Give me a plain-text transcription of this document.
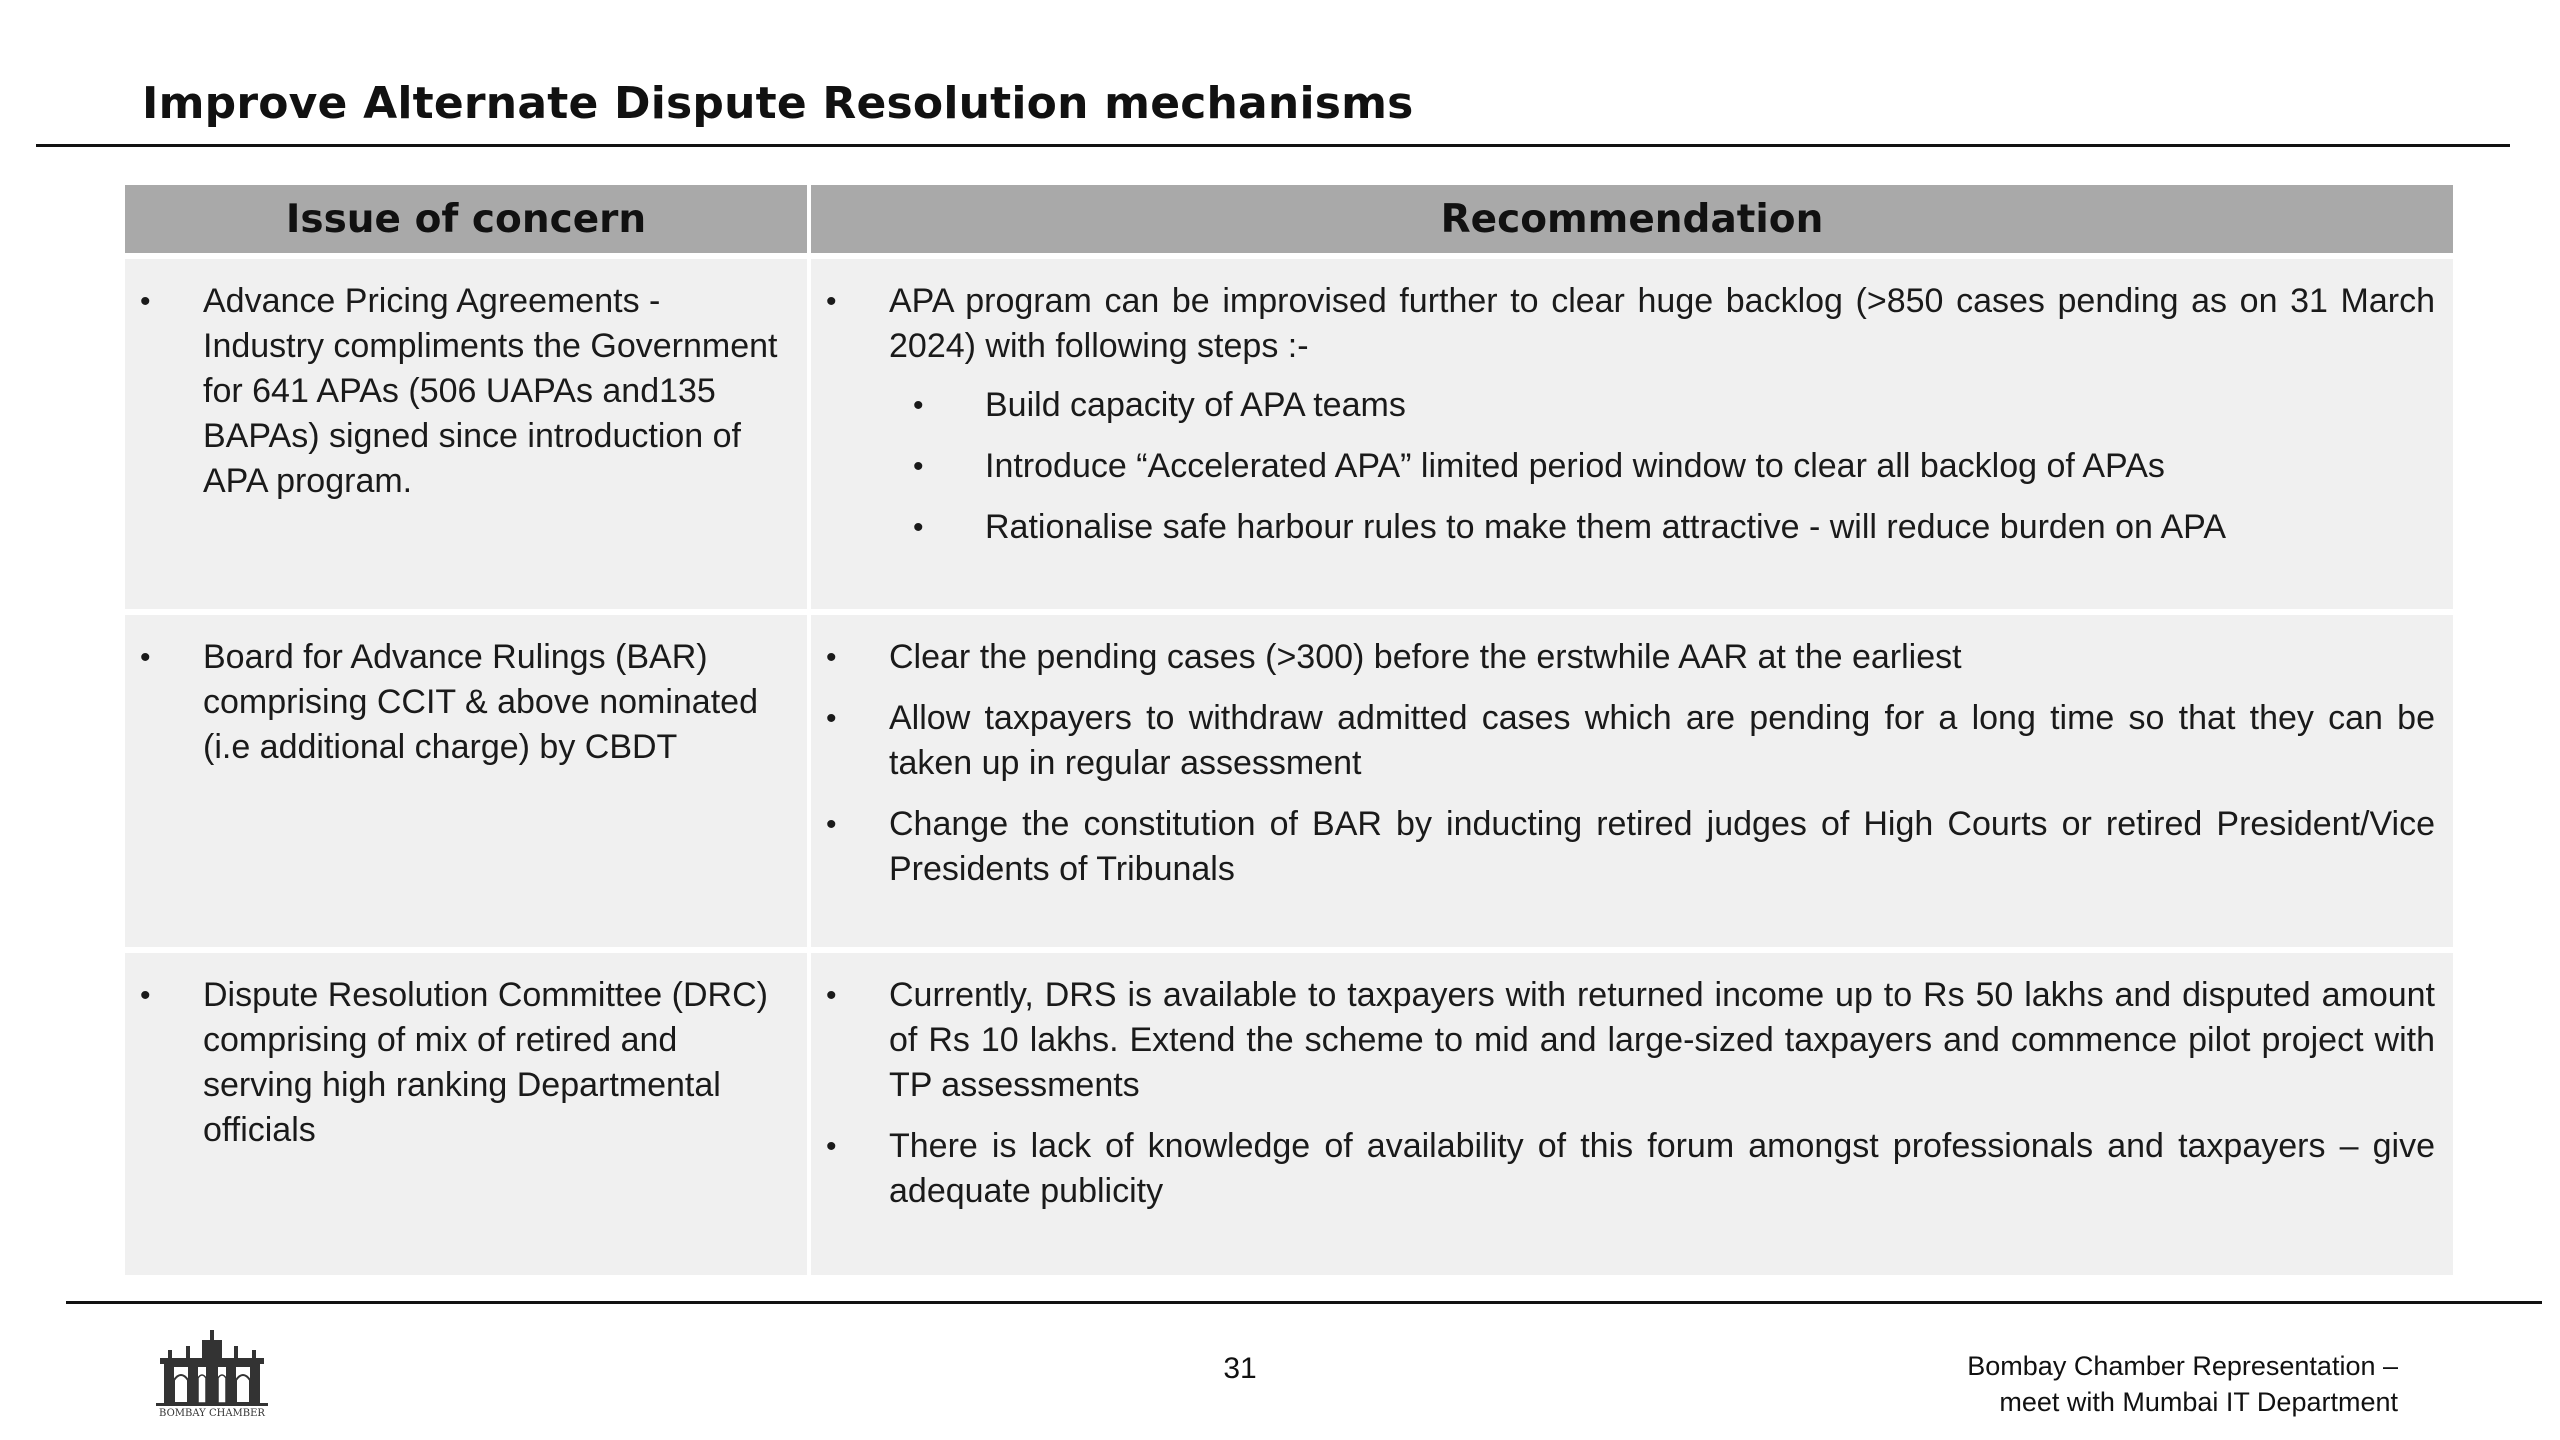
Improve Alternate Dispute Resolution mechanisms
Issue of concern	Recommendation
• Advance Pricing Agreements - Industry compliments the Government for 641 APAs (506 UAPAs and135 BAPAs) signed since introduction of APA program.
• APA program can be improvised further to clear huge backlog (>850 cases pending as on 31 March 2024) with following steps :-
• Build capacity of APA teams
• Introduce “Accelerated APA” limited period window to clear all backlog of APAs
• Rationalise safe harbour rules to make them attractive - will reduce burden on APA
• Board for Advance Rulings (BAR) comprising CCIT & above nominated (i.e additional charge) by CBDT
• Clear the pending cases (>300) before the erstwhile AAR at the earliest
• Allow taxpayers to withdraw admitted cases which are pending for a long time so that they can be taken up in regular assessment
• Change the constitution of BAR by inducting retired judges of High Courts or retired President/Vice Presidents of Tribunals
• Dispute Resolution Committee (DRC) comprising of mix of retired and serving high ranking Departmental officials
• Currently, DRS is available to taxpayers with returned income up to Rs 50 lakhs and disputed amount of Rs 10 lakhs. Extend the scheme to mid and large-sized taxpayers and commence pilot project with TP assessments
• There is lack of knowledge of availability of this forum amongst professionals and taxpayers – give adequate publicity
BOMBAY CHAMBER
31	Bombay Chamber Representation –
meet with Mumbai IT Department
